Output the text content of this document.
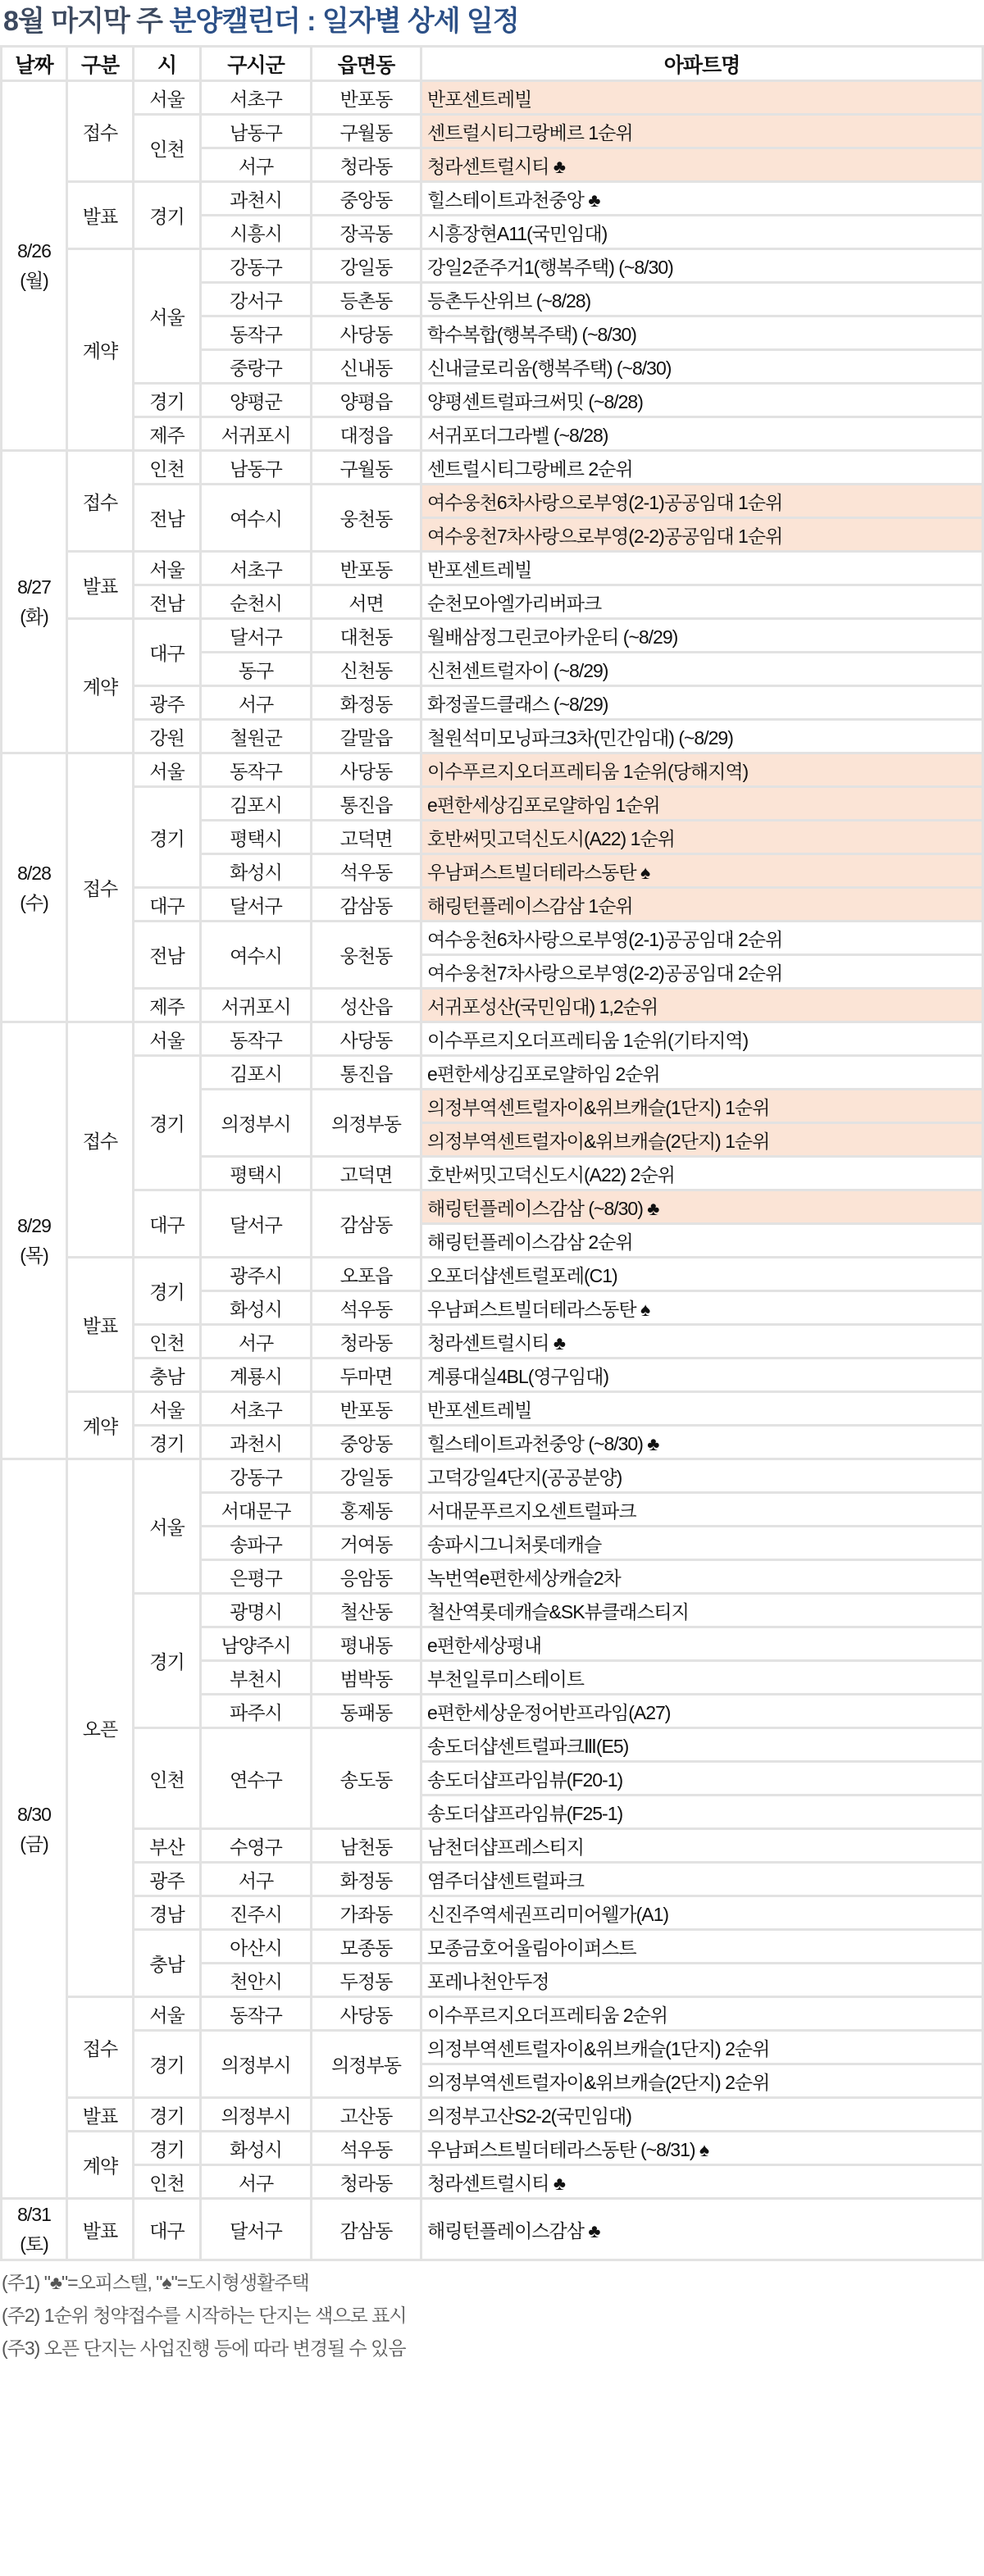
8월 마지막 주 분양캘린더 : 일자별 상세 일정
날짜	구분	시	구시군	읍면동	아파트명

8/26
(월)	접수	서울	서초구	반포동	반포센트레빌
		인천	남동구	구월동	센트럴시티그랑베르 1순위
			서구	청라동	청라센트럴시티 ♣
	발표	경기	과천시	중앙동	힐스테이트과천중앙 ♣
			시흥시	장곡동	시흥장현A11(국민임대)
	계약	서울	강동구	강일동	강일2준주거1(행복주택) (~8/30)
			강서구	등촌동	등촌두산위브 (~8/28)
			동작구	사당동	학수복합(행복주택) (~8/30)
			중랑구	신내동	신내글로리움(행복주택) (~8/30)
		경기	양평군	양평읍	양평센트럴파크써밋 (~8/28)
		제주	서귀포시	대정읍	서귀포더그라벨 (~8/28)

8/27
(화)	접수	인천	남동구	구월동	센트럴시티그랑베르 2순위
		전남	여수시	웅천동	여수웅천6차사랑으로부영(2-1)공공임대 1순위
					여수웅천7차사랑으로부영(2-2)공공임대 1순위
	발표	서울	서초구	반포동	반포센트레빌
		전남	순천시	서면	순천모아엘가리버파크
	계약	대구	달서구	대천동	월배삼정그린코아카운티 (~8/29)
			동구	신천동	신천센트럴자이 (~8/29)
		광주	서구	화정동	화정골드클래스 (~8/29)
		강원	철원군	갈말읍	철원석미모닝파크3차(민간임대) (~8/29)

8/28
(수)	접수	서울	동작구	사당동	이수푸르지오더프레티움 1순위(당해지역)
		경기	김포시	통진읍	e편한세상김포로얄하임 1순위
			평택시	고덕면	호반써밋고덕신도시(A22) 1순위
			화성시	석우동	우남퍼스트빌더테라스동탄 ♠
		대구	달서구	감삼동	해링턴플레이스감삼 1순위
		전남	여수시	웅천동	여수웅천6차사랑으로부영(2-1)공공임대 2순위
					여수웅천7차사랑으로부영(2-2)공공임대 2순위
		제주	서귀포시	성산읍	서귀포성산(국민임대) 1,2순위

8/29
(목)	접수	서울	동작구	사당동	이수푸르지오더프레티움 1순위(기타지역)
		경기	김포시	통진읍	e편한세상김포로얄하임 2순위
			의정부시	의정부동	의정부역센트럴자이&위브캐슬(1단지) 1순위
					의정부역센트럴자이&위브캐슬(2단지) 1순위
			평택시	고덕면	호반써밋고덕신도시(A22) 2순위
		대구	달서구	감삼동	해링턴플레이스감삼 (~8/30) ♣
					해링턴플레이스감삼 2순위
	발표	경기	광주시	오포읍	오포더샵센트럴포레(C1)
			화성시	석우동	우남퍼스트빌더테라스동탄 ♠
		인천	서구	청라동	청라센트럴시티 ♣
		충남	계룡시	두마면	계룡대실4BL(영구임대)
	계약	서울	서초구	반포동	반포센트레빌
		경기	과천시	중앙동	힐스테이트과천중앙 (~8/30) ♣

8/30
(금)	오픈	서울	강동구	강일동	고덕강일4단지(공공분양)
			서대문구	홍제동	서대문푸르지오센트럴파크
			송파구	거여동	송파시그니처롯데캐슬
			은평구	응암동	녹번역e편한세상캐슬2차
		경기	광명시	철산동	철산역롯데캐슬&SK뷰클래스티지
			남양주시	평내동	e편한세상평내
			부천시	범박동	부천일루미스테이트
			파주시	동패동	e편한세상운정어반프라임(A27)
		인천	연수구	송도동	송도더샵센트럴파크Ⅲ(E5)
					송도더샵프라임뷰(F20-1)
					송도더샵프라임뷰(F25-1)
		부산	수영구	남천동	남천더샵프레스티지
		광주	서구	화정동	염주더샵센트럴파크
		경남	진주시	가좌동	신진주역세권프리미어웰가(A1)
		충남	아산시	모종동	모종금호어울림아이퍼스트
			천안시	두정동	포레나천안두정
	접수	서울	동작구	사당동	이수푸르지오더프레티움 2순위
		경기	의정부시	의정부동	의정부역센트럴자이&위브캐슬(1단지) 2순위
					의정부역센트럴자이&위브캐슬(2단지) 2순위
	발표	경기	의정부시	고산동	의정부고산S2-2(국민임대)
	계약	경기	화성시	석우동	우남퍼스트빌더테라스동탄 (~8/31) ♠
		인천	서구	청라동	청라센트럴시티 ♣

8/31
(토)	발표	대구	달서구	감삼동	해링턴플레이스감삼 ♣
(주1) "♣"=오피스텔, "♠"=도시형생활주택
(주2) 1순위 청약접수를 시작하는 단지는 색으로 표시
(주3) 오픈 단지는 사업진행 등에 따라 변경될 수 있음
